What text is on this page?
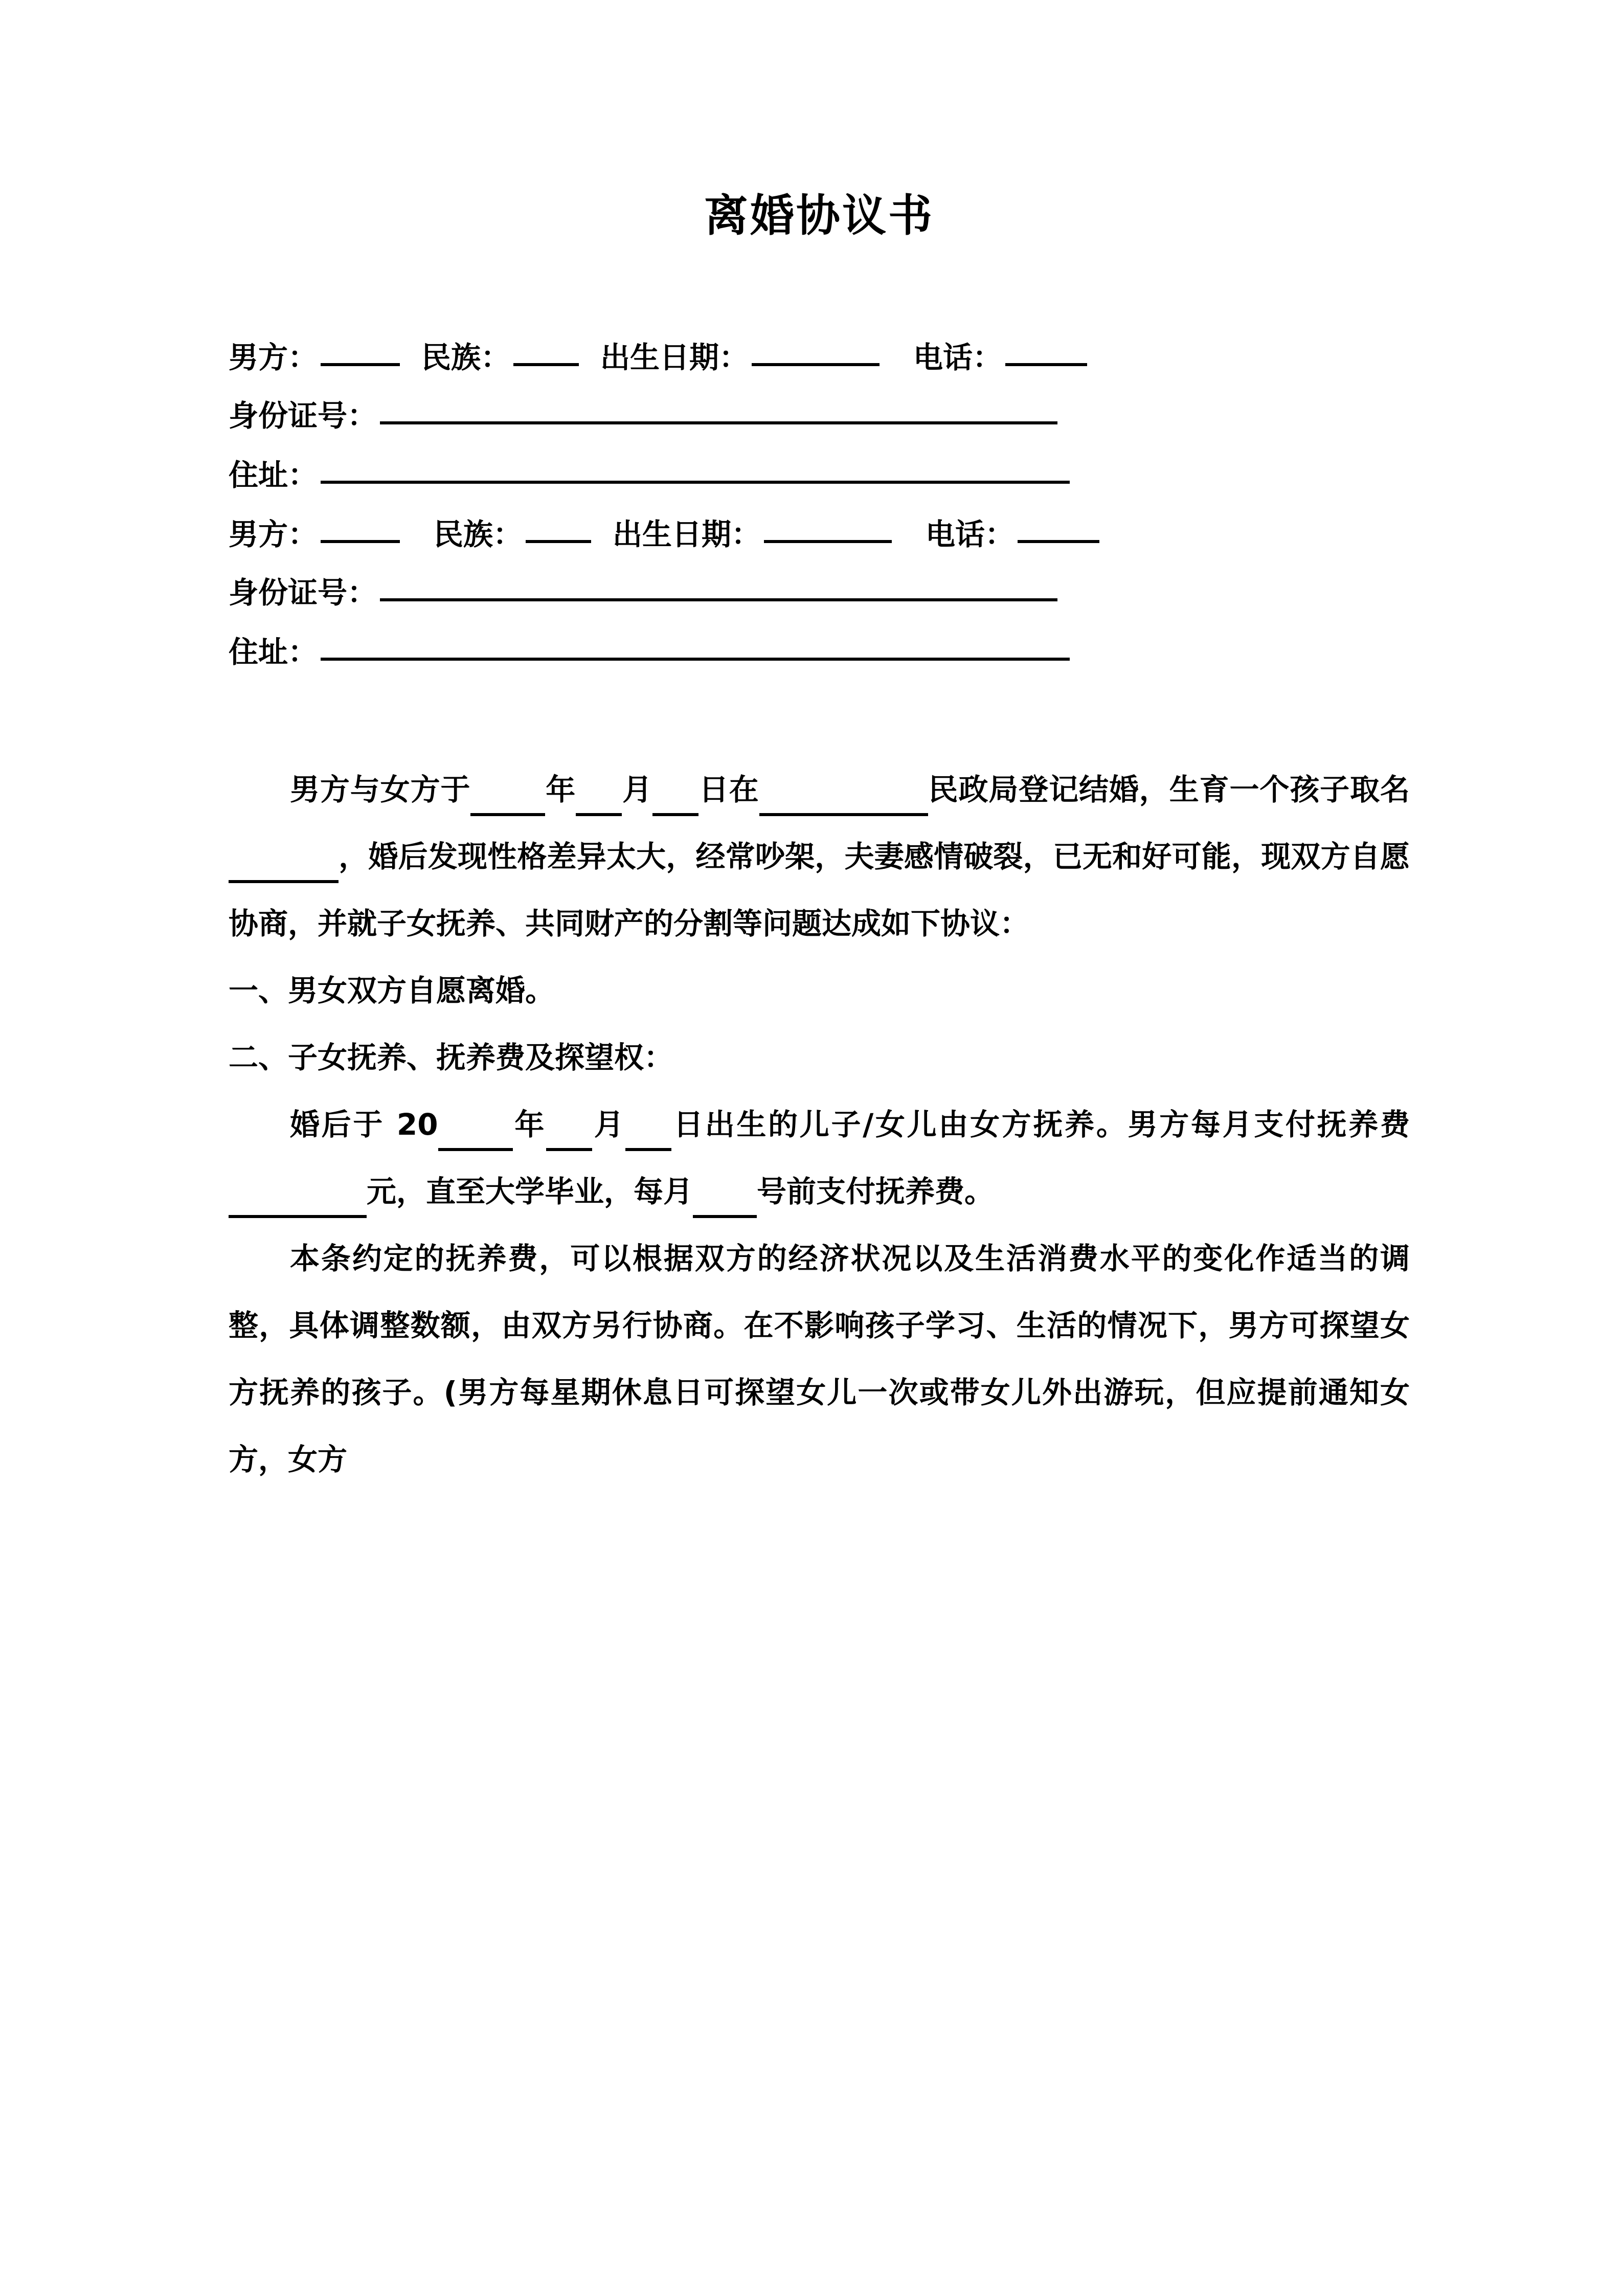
离婚协议书
男方：	民族：	出生日期：	电话：
身份证号：
住址：
男方：	民族：	出生日期：	电话：
身份证号：
住址：

男方与女方于	年 月 日在	民政局登记结婚，生育一个孩子取名，婚后发现性格差异太大，经常吵架，夫妻感情破裂，已无和好可能，现双方自愿协商，并就子女抚养、共同财产的分割等问题达成如下协议：

一、男女双方自愿离婚。

二、子女抚养、抚养费及探望权：

婚后于 20	年 月 日出生的儿子/女儿由女方抚养。男方每月支付抚养费元，直至大学毕业，每月 号前支付抚养费。

本条约定的抚养费，可以根据双方的经济状况以及生活消费水平的变化作适当的调整，具体调整数额，由双方另行协商。在不影响孩子学习、生活的情况下，男方可探望女方抚养的孩子。(男方每星期休息日可探望女儿一次或带女儿外出游玩，但应提前通知女方，女方
